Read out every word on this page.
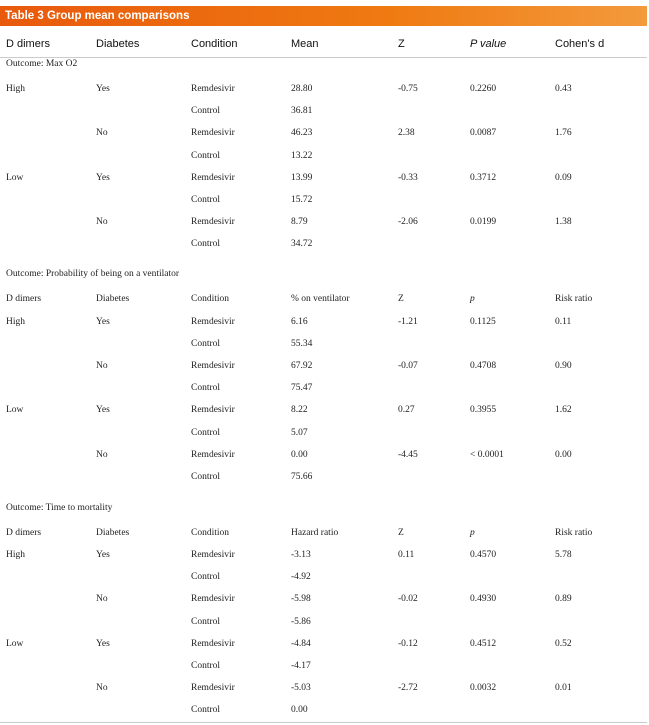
Table 3 Group mean comparisons
D dimers	Diabetes	Condition	Mean	Z	P value	Cohen's d
Outcome: Max O2
High	Yes	Remdesivir	28.80	-0.75	0.2260	0.43
Control	36.81
No	Remdesivir	46.23	2.38	0.0087	1.76
Control	13.22
Low	Yes	Remdesivir	13.99	-0.33	0.3712	0.09
Control	15.72
No	Remdesivir	8.79	-2.06	0.0199	1.38
Control	34.72
Outcome: Probability of being on a ventilator
D dimers	Diabetes	Condition	% on ventilator	Z	p	Risk ratio
High	Yes	Remdesivir	6.16	-1.21	0.1125	0.11
Control	55.34
No	Remdesivir	67.92	-0.07	0.4708	0.90
Control	75.47
Low	Yes	Remdesivir	8.22	0.27	0.3955	1.62
Control	5.07
No	Remdesivir	0.00	-4.45	< 0.0001	0.00
Control	75.66
Outcome: Time to mortality
D dimers	Diabetes	Condition	Hazard ratio	Z	p	Risk ratio
High	Yes	Remdesivir	-3.13	0.11	0.4570	5.78
Control	-4.92
No	Remdesivir	-5.98	-0.02	0.4930	0.89
Control	-5.86
Low	Yes	Remdesivir	-4.84	-0.12	0.4512	0.52
Control	-4.17
No	Remdesivir	-5.03	-2.72	0.0032	0.01
Control	0.00
